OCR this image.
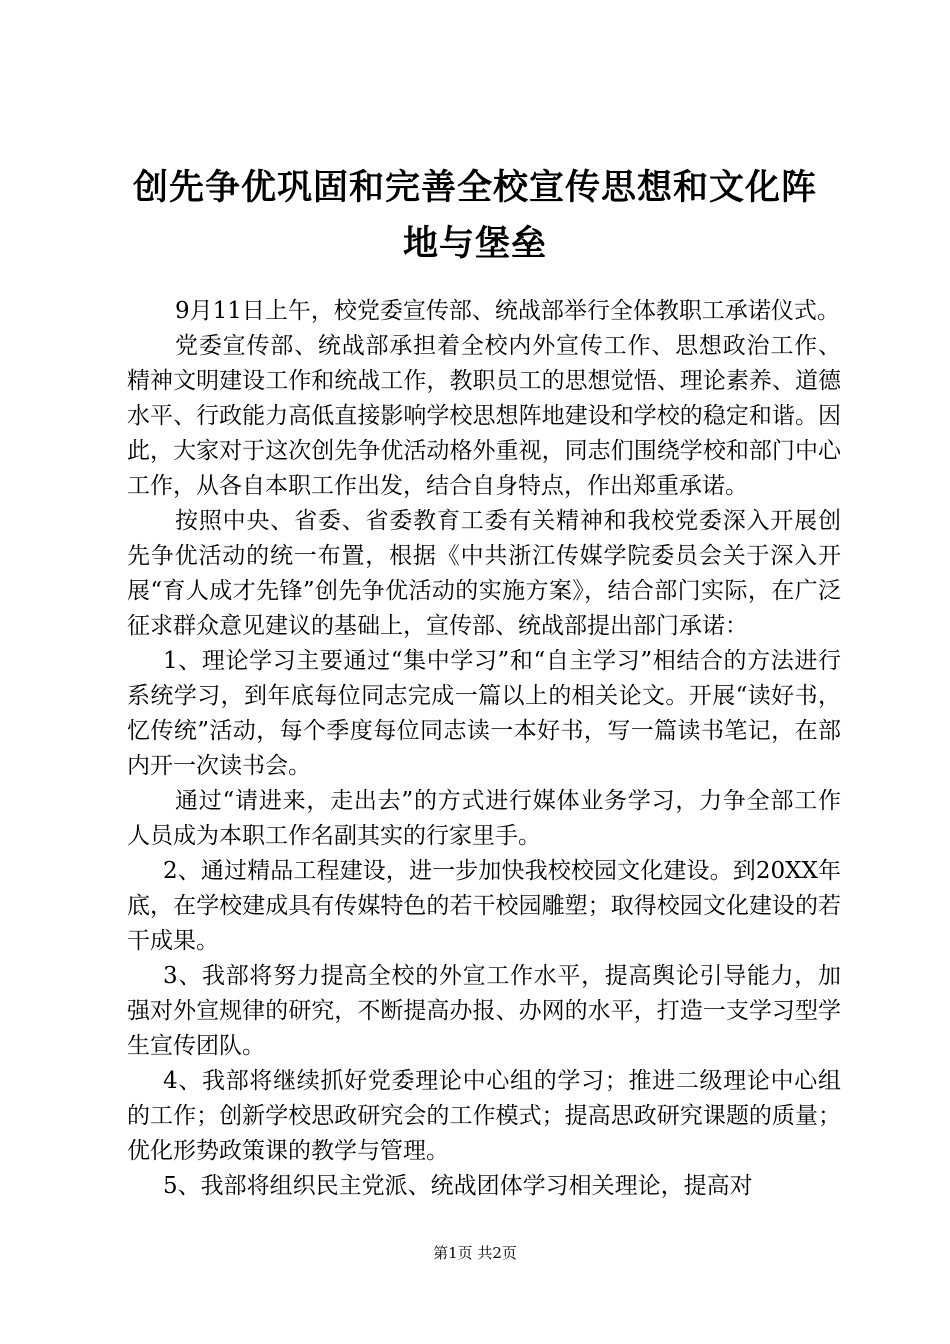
创先争优巩固和完善全校宣传思想和文化阵地与堡垒

9月11日上午，校党委宣传部、统战部举行全体教职工承诺仪式。

党委宣传部、统战部承担着全校内外宣传工作、思想政治工作、精神文明建设工作和统战工作，教职员工的思想觉悟、理论素养、道德水平、行政能力高低直接影响学校思想阵地建设和学校的稳定和谐。因此，大家对于这次创先争优活动格外重视，同志们围绕学校和部门中心工作，从各自本职工作出发，结合自身特点，作出郑重承诺。

按照中央、省委、省委教育工委有关精神和我校党委深入开展创先争优活动的统一布置，根据《中共浙江传媒学院委员会关于深入开展“育人成才先锋”创先争优活动的实施方案》，结合部门实际，在广泛征求群众意见建议的基础上，宣传部、统战部提出部门承诺：

1、理论学习主要通过“集中学习”和“自主学习”相结合的方法进行系统学习，到年底每位同志完成一篇以上的相关论文。开展“读好书，忆传统”活动，每个季度每位同志读一本好书，写一篇读书笔记，在部内开一次读书会。

通过“请进来，走出去”的方式进行媒体业务学习，力争全部工作人员成为本职工作名副其实的行家里手。

2、通过精品工程建设，进一步加快我校校园文化建设。到20XX年底，在学校建成具有传媒特色的若干校园雕塑；取得校园文化建设的若干成果。

3、我部将努力提高全校的外宣工作水平，提高舆论引导能力，加强对外宣规律的研究，不断提高办报、办网的水平，打造一支学习型学生宣传团队。

4、我部将继续抓好党委理论中心组的学习；推进二级理论中心组的工作；创新学校思政研究会的工作模式；提高思政研究课题的质量；优化形势政策课的教学与管理。

5、我部将组织民主党派、统战团体学习相关理论，提高对

第1页 共2页
